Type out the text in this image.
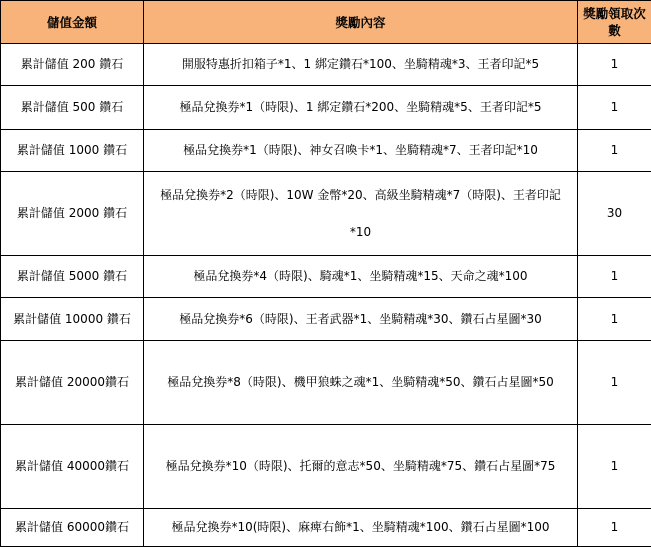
儲值金額	獎勵內容	獎勵領取次數
累計儲值 200 鑽石	開服特惠折扣箱子*1、1 綁定鑽石*100、坐騎精魂*3、王者印記*5	1
累計儲值 500 鑽石	極品兌換券*1（時限)、1 綁定鑽石*200、坐騎精魂*5、王者印記*5	1
累計儲值 1000 鑽石	極品兌換券*1（時限)、神女召喚卡*1、坐騎精魂*7、王者印記*10	1
累計儲值 2000 鑽石	極品兌換券*2（時限)、10W 金幣*20、高級坐騎精魂*7（時限)、王者印記*10	30
累計儲值 5000 鑽石	極品兌換券*4（時限)、騎魂*1、坐騎精魂*15、天命之魂*100	1
累計儲值 10000 鑽石	極品兌換券*6（時限)、王者武器*1、坐騎精魂*30、鑽石占星圖*30	1
累計儲值 20000鑽石	極品兌換券*8（時限)、機甲狼蛛之魂*1、坐騎精魂*50、鑽石占星圖*50	1
累計儲值 40000鑽石	極品兌換券*10（時限)、托爾的意志*50、坐騎精魂*75、鑽石占星圖*75	1
累計儲值 60000鑽石	極品兌換券*10(時限)、麻痺右飾*1、坐騎精魂*100、鑽石占星圖*100	1
